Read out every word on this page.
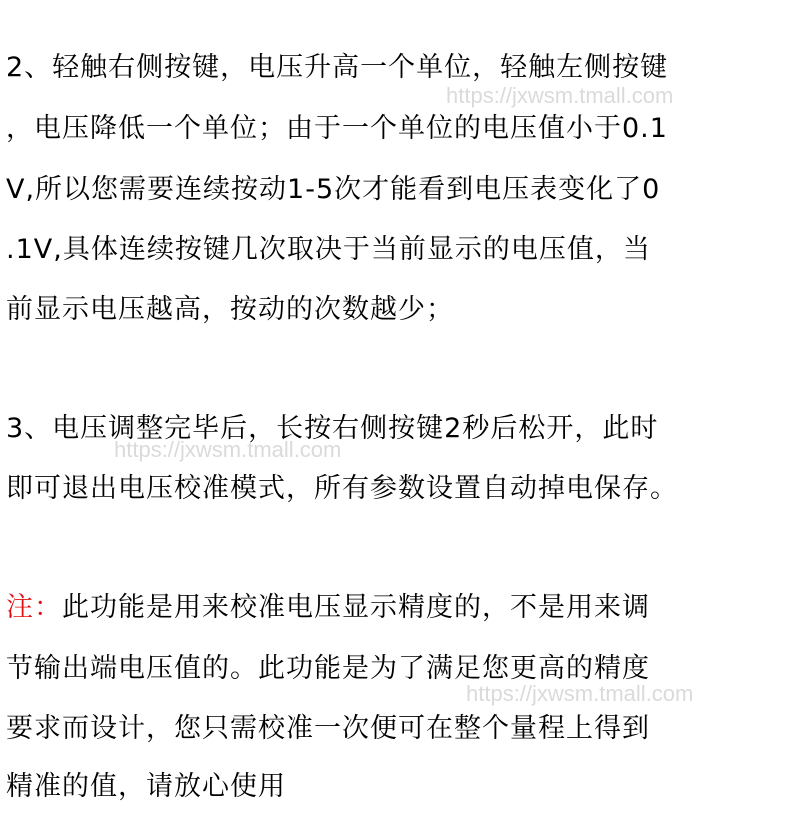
https://jxwsm.tmall.com
https://jxwsm.tmall.com
https://jxwsm.tmall.com
2、轻触右侧按键，电压升高一个单位，轻触左侧按键
，电压降低一个单位；由于一个单位的电压值小于0.1
V,所以您需要连续按动1-5次才能看到电压表变化了0
.1V,具体连续按键几次取决于当前显示的电压值，当
前显示电压越高，按动的次数越少；
3、电压调整完毕后，长按右侧按键2秒后松开，此时
即可退出电压校准模式，所有参数设置自动掉电保存。
注：此功能是用来校准电压显示精度的，不是用来调
节输出端电压值的。此功能是为了满足您更高的精度
要求而设计，您只需校准一次便可在整个量程上得到
精准的值，请放心使用
